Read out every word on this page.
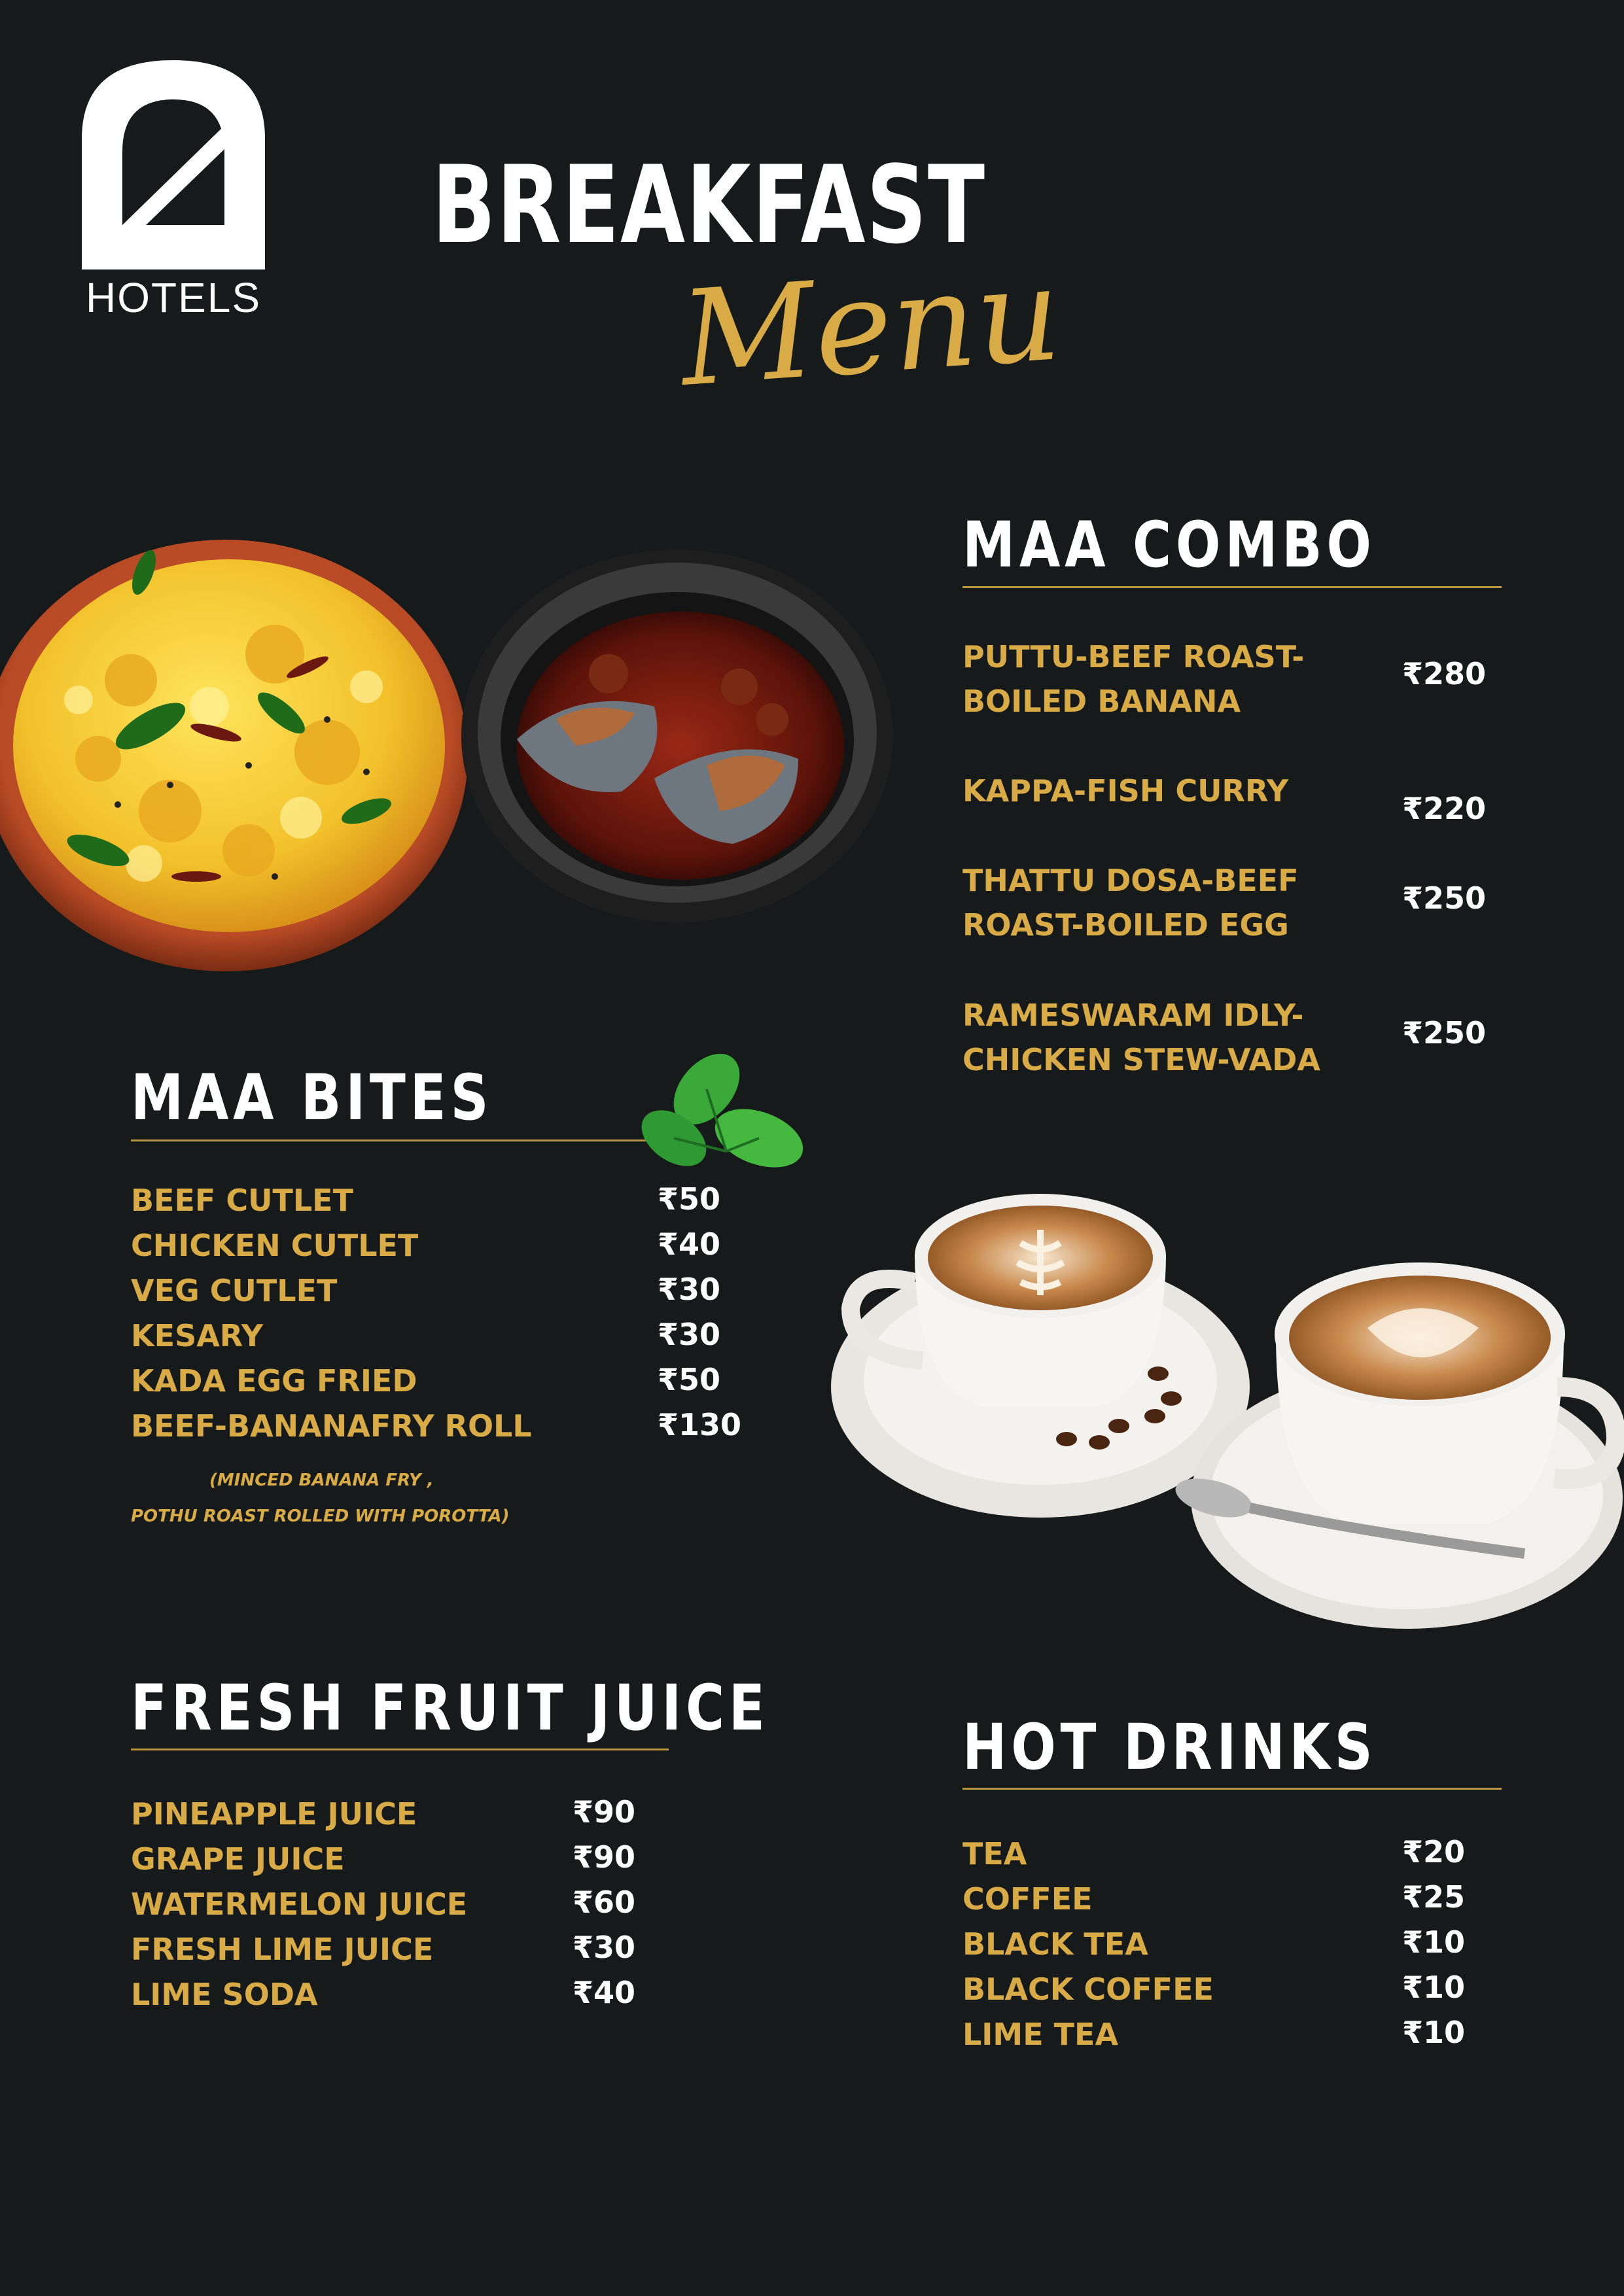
HOTELS
BREAKFAST
Menu
MAA COMBO
PUTTU-BEEF ROAST-BOILED BANANA
₹280
KAPPA-FISH CURRY	₹220
THATTU DOSA-BEEF ROAST-BOILED EGG
₹250
RAMESWARAM IDLY-CHICKEN STEW-VADA
₹250
MAA BITES
BEEF CUTLET	₹50
CHICKEN CUTLET	₹40
VEG CUTLET	₹30
KESARY	₹30
KADA EGG FRIED	₹50
BEEF-BANANAFRY ROLL	₹130
(MINCED BANANA FRY ,
POTHU ROAST ROLLED WITH POROTTA)
FRESH FRUIT JUICE
PINEAPPLE JUICE	₹90
GRAPE JUICE	₹90
WATERMELON JUICE	₹60
FRESH LIME JUICE	₹30
LIME SODA	₹40
HOT DRINKS
TEA	₹20
COFFEE	₹25
BLACK TEA	₹10
BLACK COFFEE	₹10
LIME TEA	₹10
